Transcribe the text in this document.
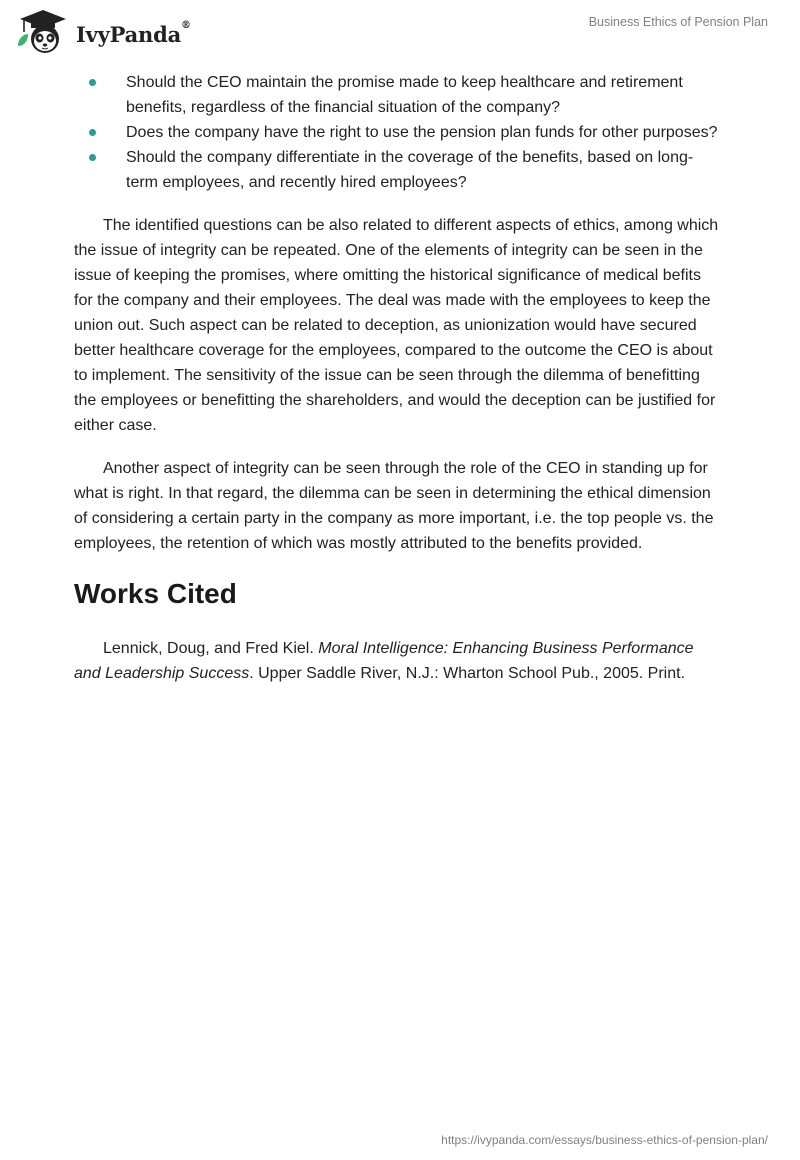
IvyPanda®	Business Ethics of Pension Plan
Should the CEO maintain the promise made to keep healthcare and retirement benefits, regardless of the financial situation of the company?
Does the company have the right to use the pension plan funds for other purposes?
Should the company differentiate in the coverage of the benefits, based on long-term employees, and recently hired employees?

The identified questions can be also related to different aspects of ethics, among which the issue of integrity can be repeated. One of the elements of integrity can be seen in the issue of keeping the promises, where omitting the historical significance of medical befits for the company and their employees. The deal was made with the employees to keep the union out. Such aspect can be related to deception, as unionization would have secured better healthcare coverage for the employees, compared to the outcome the CEO is about to implement. The sensitivity of the issue can be seen through the dilemma of benefitting the employees or benefitting the shareholders, and would the deception can be justified for either case.

Another aspect of integrity can be seen through the role of the CEO in standing up for what is right. In that regard, the dilemma can be seen in determining the ethical dimension of considering a certain party in the company as more important, i.e. the top people vs. the employees, the retention of which was mostly attributed to the benefits provided.

Works Cited

Lennick, Doug, and Fred Kiel. Moral Intelligence: Enhancing Business Performance and Leadership Success. Upper Saddle River, N.J.: Wharton School Pub., 2005. Print.

https://ivypanda.com/essays/business-ethics-of-pension-plan/
